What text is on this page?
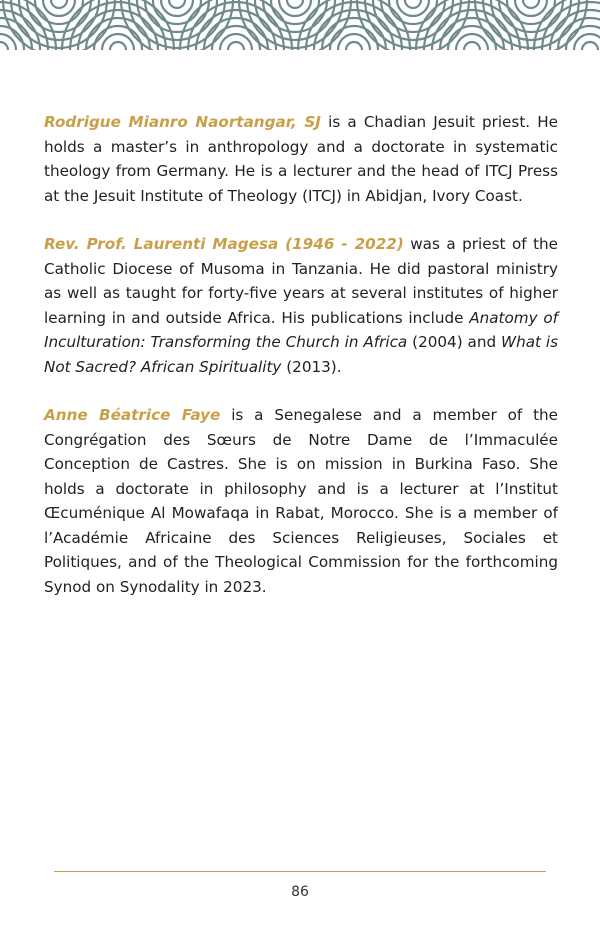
Rodrigue Mianro Naortangar, SJ is a Chadian Jesuit priest. He holds a master’s in anthropology and a doctorate in systematic theology from Germany. He is a lecturer and the head of ITCJ Press at the Jesuit Institute of Theology (ITCJ) in Abidjan, Ivory Coast.

Rev. Prof. Laurenti Magesa (1946 - 2022) was a priest of the Catholic Diocese of Musoma in Tanzania. He did pastoral ministry as well as taught for forty-five years at several institutes of higher learning in and outside Africa. His publications include Anatomy of Inculturation: Transforming the Church in Africa (2004) and What is Not Sacred? African Spirituality (2013).

Anne Béatrice Faye is a Senegalese and a member of the Congrégation des Sœurs de Notre Dame de l’Immaculée Conception de Castres. She is on mission in Burkina Faso. She holds a doctorate in philosophy and is a lecturer at l’Institut Œcuménique Al Mowafaqa in Rabat, Morocco. She is a member of l’Académie Africaine des Sciences Religieuses, Sociales et Politiques, and of the Theological Commission for the forthcoming Synod on Synodality in 2023.

86
